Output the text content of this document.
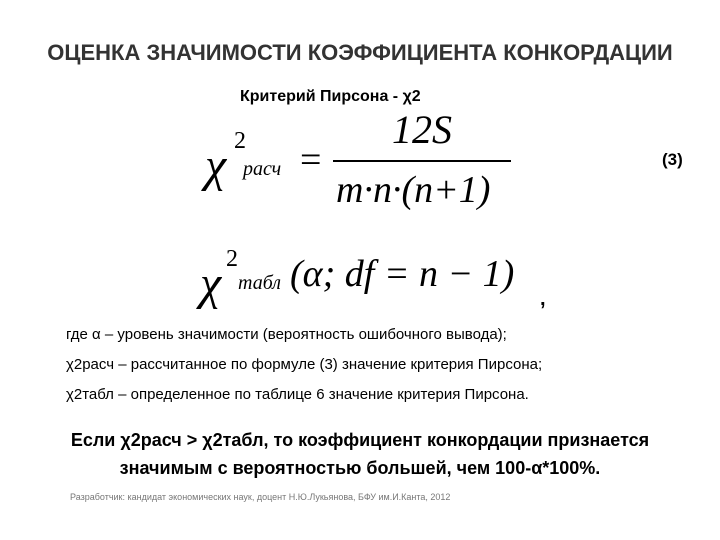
ОЦЕНКА ЗНАЧИМОСТИ КОЭФФИЦИЕНТА КОНКОРДАЦИИ
Критерий Пирсона - χ2
χ 2
расч =
12S
m·n·(n+1)
(3)
χ 2
табл (α; df = n − 1)
,
где α – уровень значимости (вероятность ошибочного вывода);
χ2расч – рассчитанное по формуле (3) значение критерия Пирсона;
χ2табл – определенное по таблице 6 значение критерия Пирсона.
Если χ2расч > χ2табл, то коэффициент конкордации признается
значимым с вероятностью большей, чем 100-α*100%.
Разработчик: кандидат экономических наук, доцент Н.Ю.Лукьянова, БФУ им.И.Канта, 2012
